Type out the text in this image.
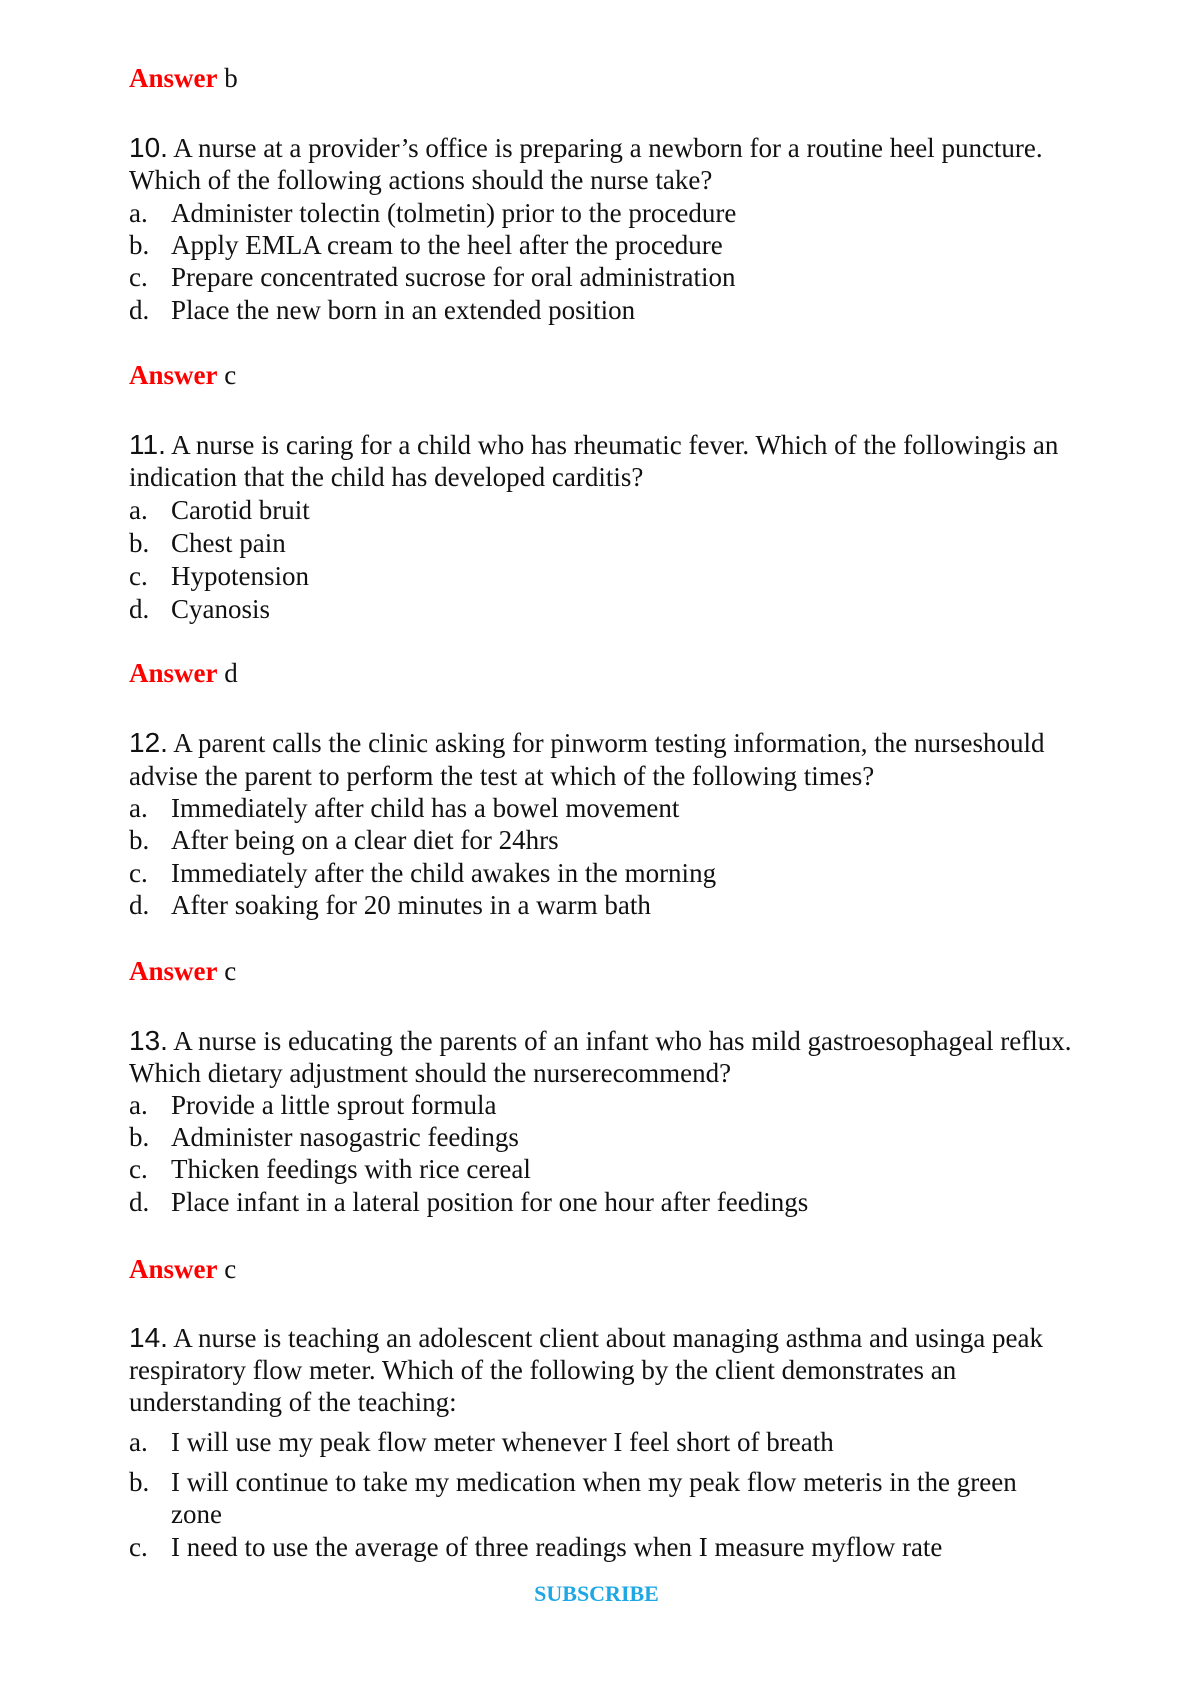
Answer b
10. A nurse at a provider’s office is preparing a newborn for a routine heel puncture.
Which of the following actions should the nurse take?
a. Administer tolectin (tolmetin) prior to the procedure
b. Apply EMLA cream to the heel after the procedure
c. Prepare concentrated sucrose for oral administration
d. Place the new born in an extended position
Answer c
11. A nurse is caring for a child who has rheumatic fever. Which of the followingis an
indication that the child has developed carditis?
a. Carotid bruit
b. Chest pain
c. Hypotension
d. Cyanosis
Answer d
12. A parent calls the clinic asking for pinworm testing information, the nurseshould
advise the parent to perform the test at which of the following times?
a. Immediately after child has a bowel movement
b. After being on a clear diet for 24hrs
c. Immediately after the child awakes in the morning
d. After soaking for 20 minutes in a warm bath
Answer c
13. A nurse is educating the parents of an infant who has mild gastroesophageal reflux.
Which dietary adjustment should the nurserecommend?
a. Provide a little sprout formula
b. Administer nasogastric feedings
c. Thicken feedings with rice cereal
d. Place infant in a lateral position for one hour after feedings
Answer c
14. A nurse is teaching an adolescent client about managing asthma and usinga peak
respiratory flow meter. Which of the following by the client demonstrates an
understanding of the teaching:
a. I will use my peak flow meter whenever I feel short of breath
b. I will continue to take my medication when my peak flow meteris in the green
zone
c. I need to use the average of three readings when I measure myflow rate
SUBSCRIBE
